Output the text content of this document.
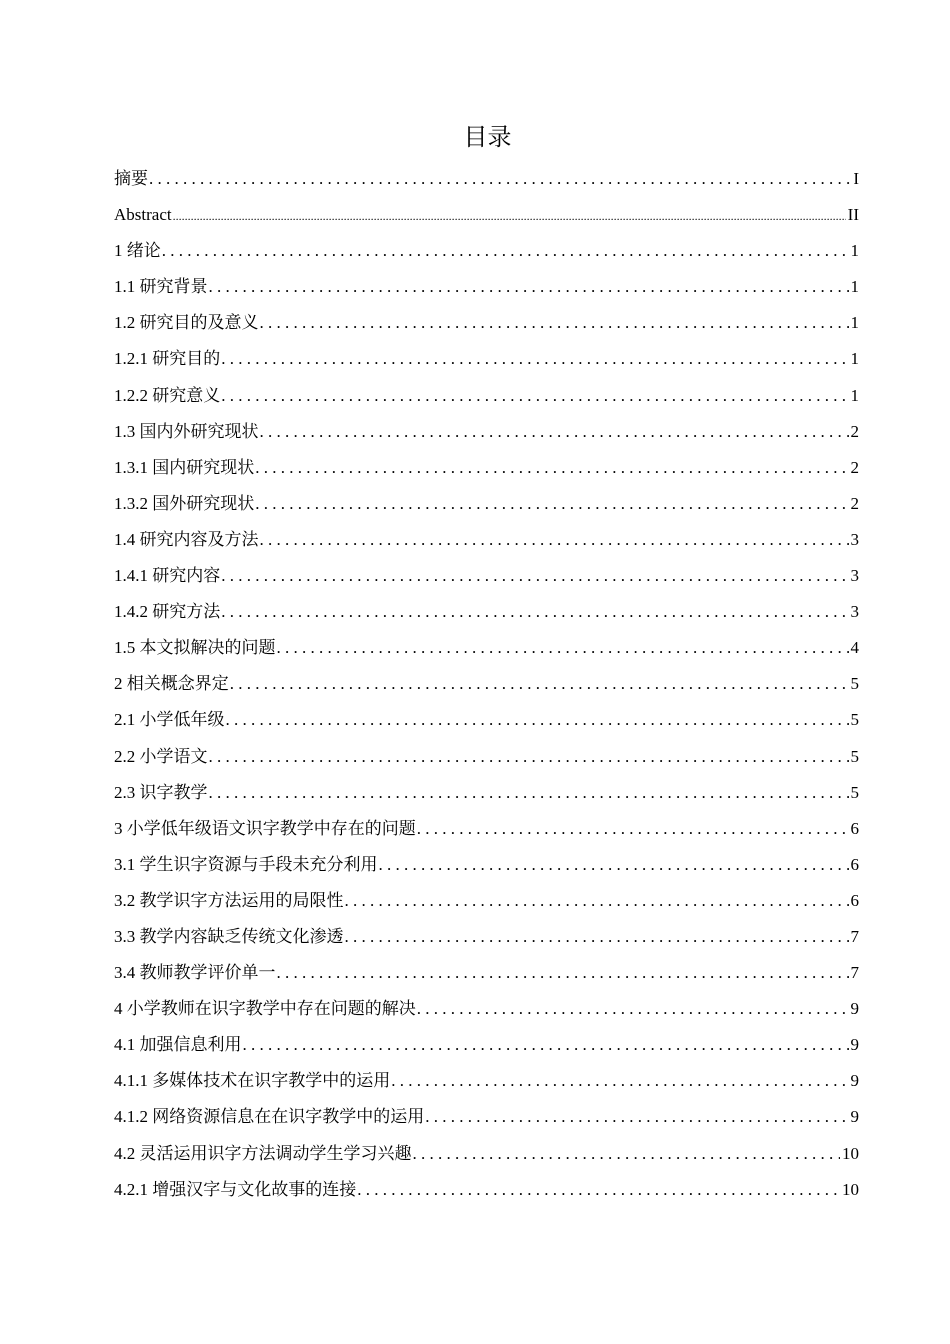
目录
摘要 . . .	I
Abstract .....	II
1 绪论 . . .	1
1.1 研究背景 . . .	1
1.2 研究目的及意义 . . .	1
1.2.1 研究目的 . . .	1
1.2.2 研究意义 . . .	1
1.3 国内外研究现状 . . .	2
1.3.1 国内研究现状 . . .	2
1.3.2 国外研究现状 . . .	2
1.4 研究内容及方法 . . .	3
1.4.1 研究内容 . . .	3
1.4.2 研究方法 . . .	3
1.5 本文拟解决的问题 . . .	4
2 相关概念界定 . . .	5
2.1 小学低年级 . . .	5
2.2 小学语文 . . .	5
2.3 识字教学 . . .	5
3 小学低年级语文识字教学中存在的问题 . . .	6
3.1 学生识字资源与手段未充分利用 . . .	6
3.2 教学识字方法运用的局限性 . . .	6
3.3 教学内容缺乏传统文化渗透 . . .	7
3.4 教师教学评价单一 . . .	7
4 小学教师在识字教学中存在问题的解决 . . .	9
4.1 加强信息利用 . . .	9
4.1.1 多媒体技术在识字教学中的运用 . . .	9
4.1.2 网络资源信息在在识字教学中的运用 . . .	9
4.2 灵活运用识字方法调动学生学习兴趣 . . .	10
4.2.1 增强汉字与文化故事的连接 . . .	10
